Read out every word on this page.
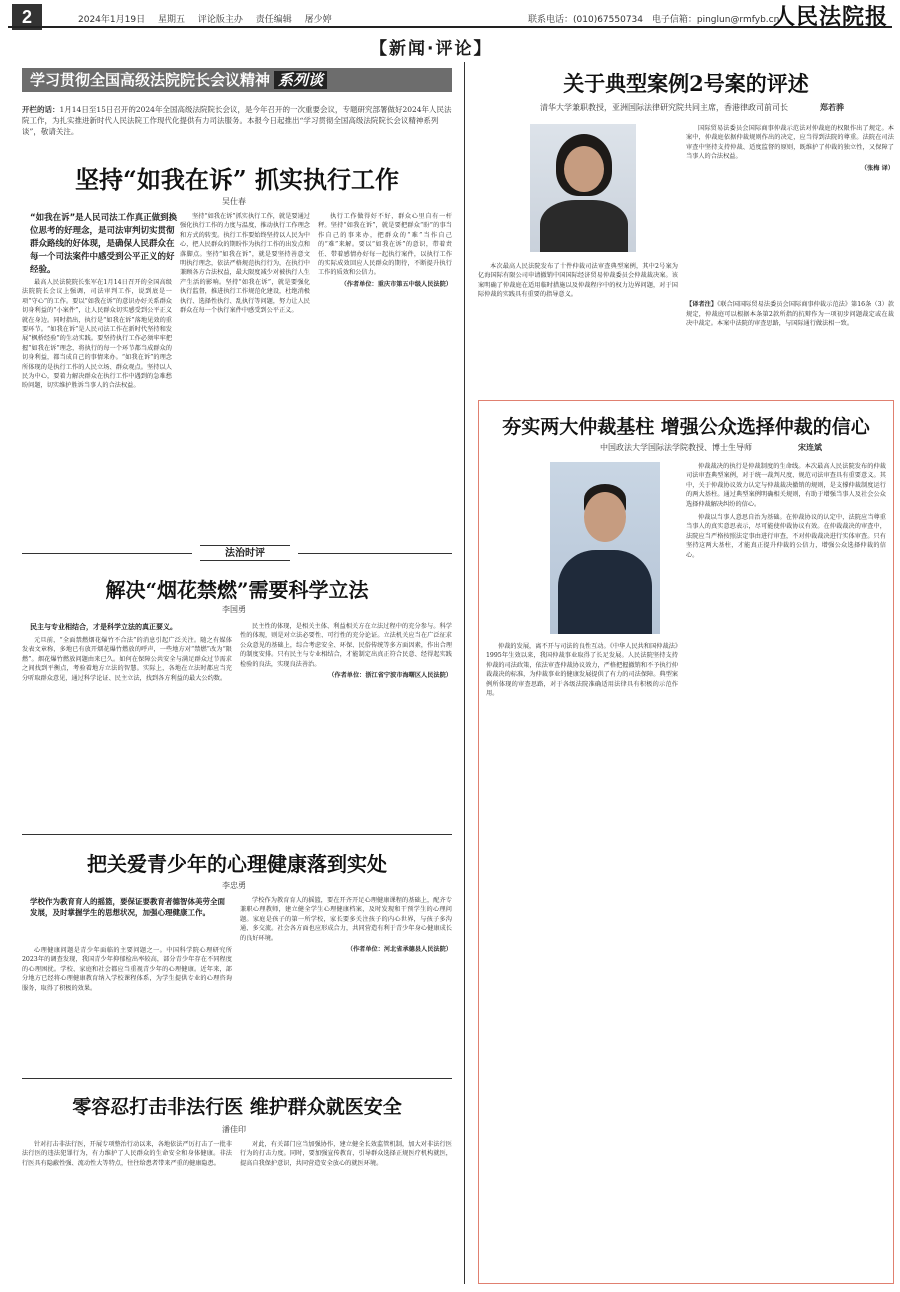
2	2024年1月19日 星期五 评论版主办 责任编辑 屠少婷	联系电话：(010)67550734 电子信箱：pinglun@rmfyb.cn
人民法院报
【新闻·评论】
学习贯彻全国高级法院院长会议精神 系列谈
开栏的话：1月14日至15日召开的2024年全国高级法院院长会议，是今年召开的一次重要会议，专题研究部署做好2024年人民法院工作，为扎实推进新时代人民法院工作现代化提供有力司法服务。本报今日起推出“学习贯彻全国高级法院院长会议精神系列谈”，敬请关注。
坚持“如我在诉” 抓实执行工作
吴仕春
“如我在诉”是人民司法工作真正做到换位思考的好理念，是司法审判切实贯彻群众路线的好体现，是确保人民群众在每一个司法案件中感受到公平正义的好经验。

最高人民法院院长张军在1月14日召开的全国高级法院院长会议上强调，司法审判工作，说到底是一项“守心”的工作。要以“如我在诉”的意识办好关系群众切身利益的“小案件”，让人民群众切实感受到公平正义就在身边。同时指出，执行是“如我在诉”落地见效的重要环节。“如我在诉”是人民司法工作在新时代坚持和发展“枫桥经验”的生动实践。要坚持执行工作必须牢牢把握“如我在诉”理念，将执行的每一个环节都当成群众的切身利益，都当成自己的事情来办。“如我在诉”的理念所体现的是执行工作的人民立场、群众观点。坚持以人民为中心，要着力解决群众在执行工作中遇到的急难愁盼问题，切实维护胜诉当事人的合法权益。

坚持“如我在诉”抓实执行工作，就是要通过强化执行工作的力度与温度，推动执行工作理念和方式的转变。执行工作要始终坚持以人民为中心，把人民群众的期盼作为执行工作的出发点和落脚点。坚持“如我在诉”，就是要坚持善意文明执行理念，依法严格规范执行行为，在执行中兼顾各方合法权益，最大限度减少对被执行人生产生活的影响。坚持“如我在诉”，就是要强化执行监督，推进执行工作规范化建设，杜绝消极执行、选择性执行、乱执行等问题，努力让人民群众在每一个执行案件中感受到公平正义。

执行工作做得好不好，群众心里自有一杆秤。坚持“如我在诉”，就是要把群众“盼”的事当作自己的事来办，把群众的“难”当作自己的“难”来解。要以“如我在诉”的意识，带着责任、带着感情办好每一起执行案件，以执行工作的实际成效回应人民群众的期待，不断提升执行工作的质效和公信力。

（作者单位：重庆市第五中级人民法院）
法治时评
解决“烟花禁燃”需要科学立法
李国勇
民主与专业相结合，才是科学立法的真正要义。

元旦前，“全面禁燃烟花爆竹不合法”的消息引起广泛关注。随之有媒体发表文章称，多地已有放开烟花爆竹燃放的呼声，一些地方对“禁燃”改为“限燃”。烟花爆竹燃放问题由来已久。如何在保障公共安全与满足群众过节需求之间找到平衡点，考验着地方立法的智慧。实际上，各地在立法时都应当充分听取群众意见，通过科学论证、民主立法，找到各方利益的最大公约数。

民主性的体现，是相关主体、利益相关方在立法过程中的充分参与。科学性的体现，则是对立法必要性、可行性的充分论证。立法机关应当在广泛征求公众意见的基础上，综合考虑安全、环保、民俗传统等多方面因素，作出合理的制度安排。只有民主与专业相结合，才能制定出真正符合民意、经得起实践检验的良法，实现良法善治。

（作者单位：浙江省宁波市海曙区人民法院）
把关爱青少年的心理健康落到实处
李忠勇
学校作为教育育人的摇篮，要保证要教育者德智体美劳全面发展，及时掌握学生的思想状况，加强心理健康工作。

心理健康问题是青少年面临的主要问题之一。中国科学院心理研究所2023年的调查发现，我国青少年抑郁检出率较高，部分青少年存在不同程度的心理困扰。学校、家庭和社会都应当重视青少年的心理健康。近年来，部分地方已经将心理健康教育纳入学校课程体系，为学生提供专业的心理咨询服务，取得了积极的效果。

学校作为教育育人的摇篮，要在开齐开足心理健康课程的基础上，配齐专兼职心理教师，建立健全学生心理健康档案，及时发现和干预学生的心理问题。家庭是孩子的第一所学校，家长要多关注孩子的内心世界，与孩子多沟通、多交流。社会各方面也应形成合力，共同营造有利于青少年身心健康成长的良好环境。

（作者单位：河北省承德县人民法院）
零容忍打击非法行医 维护群众就医安全
潘佳印

针对打击非法行医，开展专项整治行动以来，各地依法严厉打击了一批非法行医的违法犯罪行为，有力维护了人民群众的生命安全和身体健康。非法行医具有隐蔽性强、流动性大等特点，往往给患者带来严重的健康隐患。

对此，有关部门应当加强协作，建立健全长效监管机制，加大对非法行医行为的打击力度。同时，要加强宣传教育，引导群众选择正规医疗机构就医，提高自我保护意识，共同营造安全放心的就医环境。

关于典型案例2号案的评述
清华大学兼职教授，亚洲国际法律研究院共同主席，香港律政司前司长	郑若骅

本次最高人民法院发布了十件仲裁司法审查典型案例，其中2号案为亿海国际有限公司申请撤销中国国际经济贸易仲裁委员会仲裁裁决案。该案明确了仲裁庭在适用临时措施以及仲裁程序中的权力边界问题，对于国际仲裁的实践具有重要的指导意义。

国际贸易法委员会国际商事仲裁示范法对仲裁庭的权限作出了规定。本案中，仲裁庭依据仲裁规则作出的决定，应当得到法院的尊重。法院在司法审查中坚持支持仲裁、适度监督的原则，既维护了仲裁的独立性，又保障了当事人的合法权益。

（张梅 译）
【译者注】《联合国国际贸易法委员会国际商事仲裁示范法》第16条（3）款规定，仲裁庭可以根据本条第2款所指的抗辩作为一项初步问题裁定或在裁决中裁定。本案中法院的审查思路，与国际通行做法相一致。
夯实两大仲裁基柱 增强公众选择仲裁的信心
中国政法大学国际法学院教授、博士生导师	宋连斌

仲裁裁决的执行是仲裁制度的生命线。本次最高人民法院发布的仲裁司法审查典型案例，对于统一裁判尺度、规范司法审查具有重要意义。其中，关于仲裁协议效力认定与仲裁裁决撤销的规则，是支撑仲裁制度运行的两大基柱。通过典型案例明确相关规则，有助于增强当事人及社会公众选择仲裁解决纠纷的信心。

仲裁以当事人意思自治为基础。在仲裁协议的认定中，法院应当尊重当事人的真实意思表示，尽可能使仲裁协议有效。在仲裁裁决的审查中，法院应当严格按照法定事由进行审查，不对仲裁裁决进行实体审查。只有坚持这两大基柱，才能真正提升仲裁的公信力，增强公众选择仲裁的信心。

仲裁的发展，离不开与司法的良性互动。《中华人民共和国仲裁法》1995年生效以来，我国仲裁事业取得了长足发展。人民法院坚持支持仲裁的司法政策，依法审查仲裁协议效力，严格把握撤销和不予执行仲裁裁决的标准，为仲裁事业的健康发展提供了有力的司法保障。典型案例所体现的审查思路，对于各级法院准确适用法律具有积极的示范作用。
